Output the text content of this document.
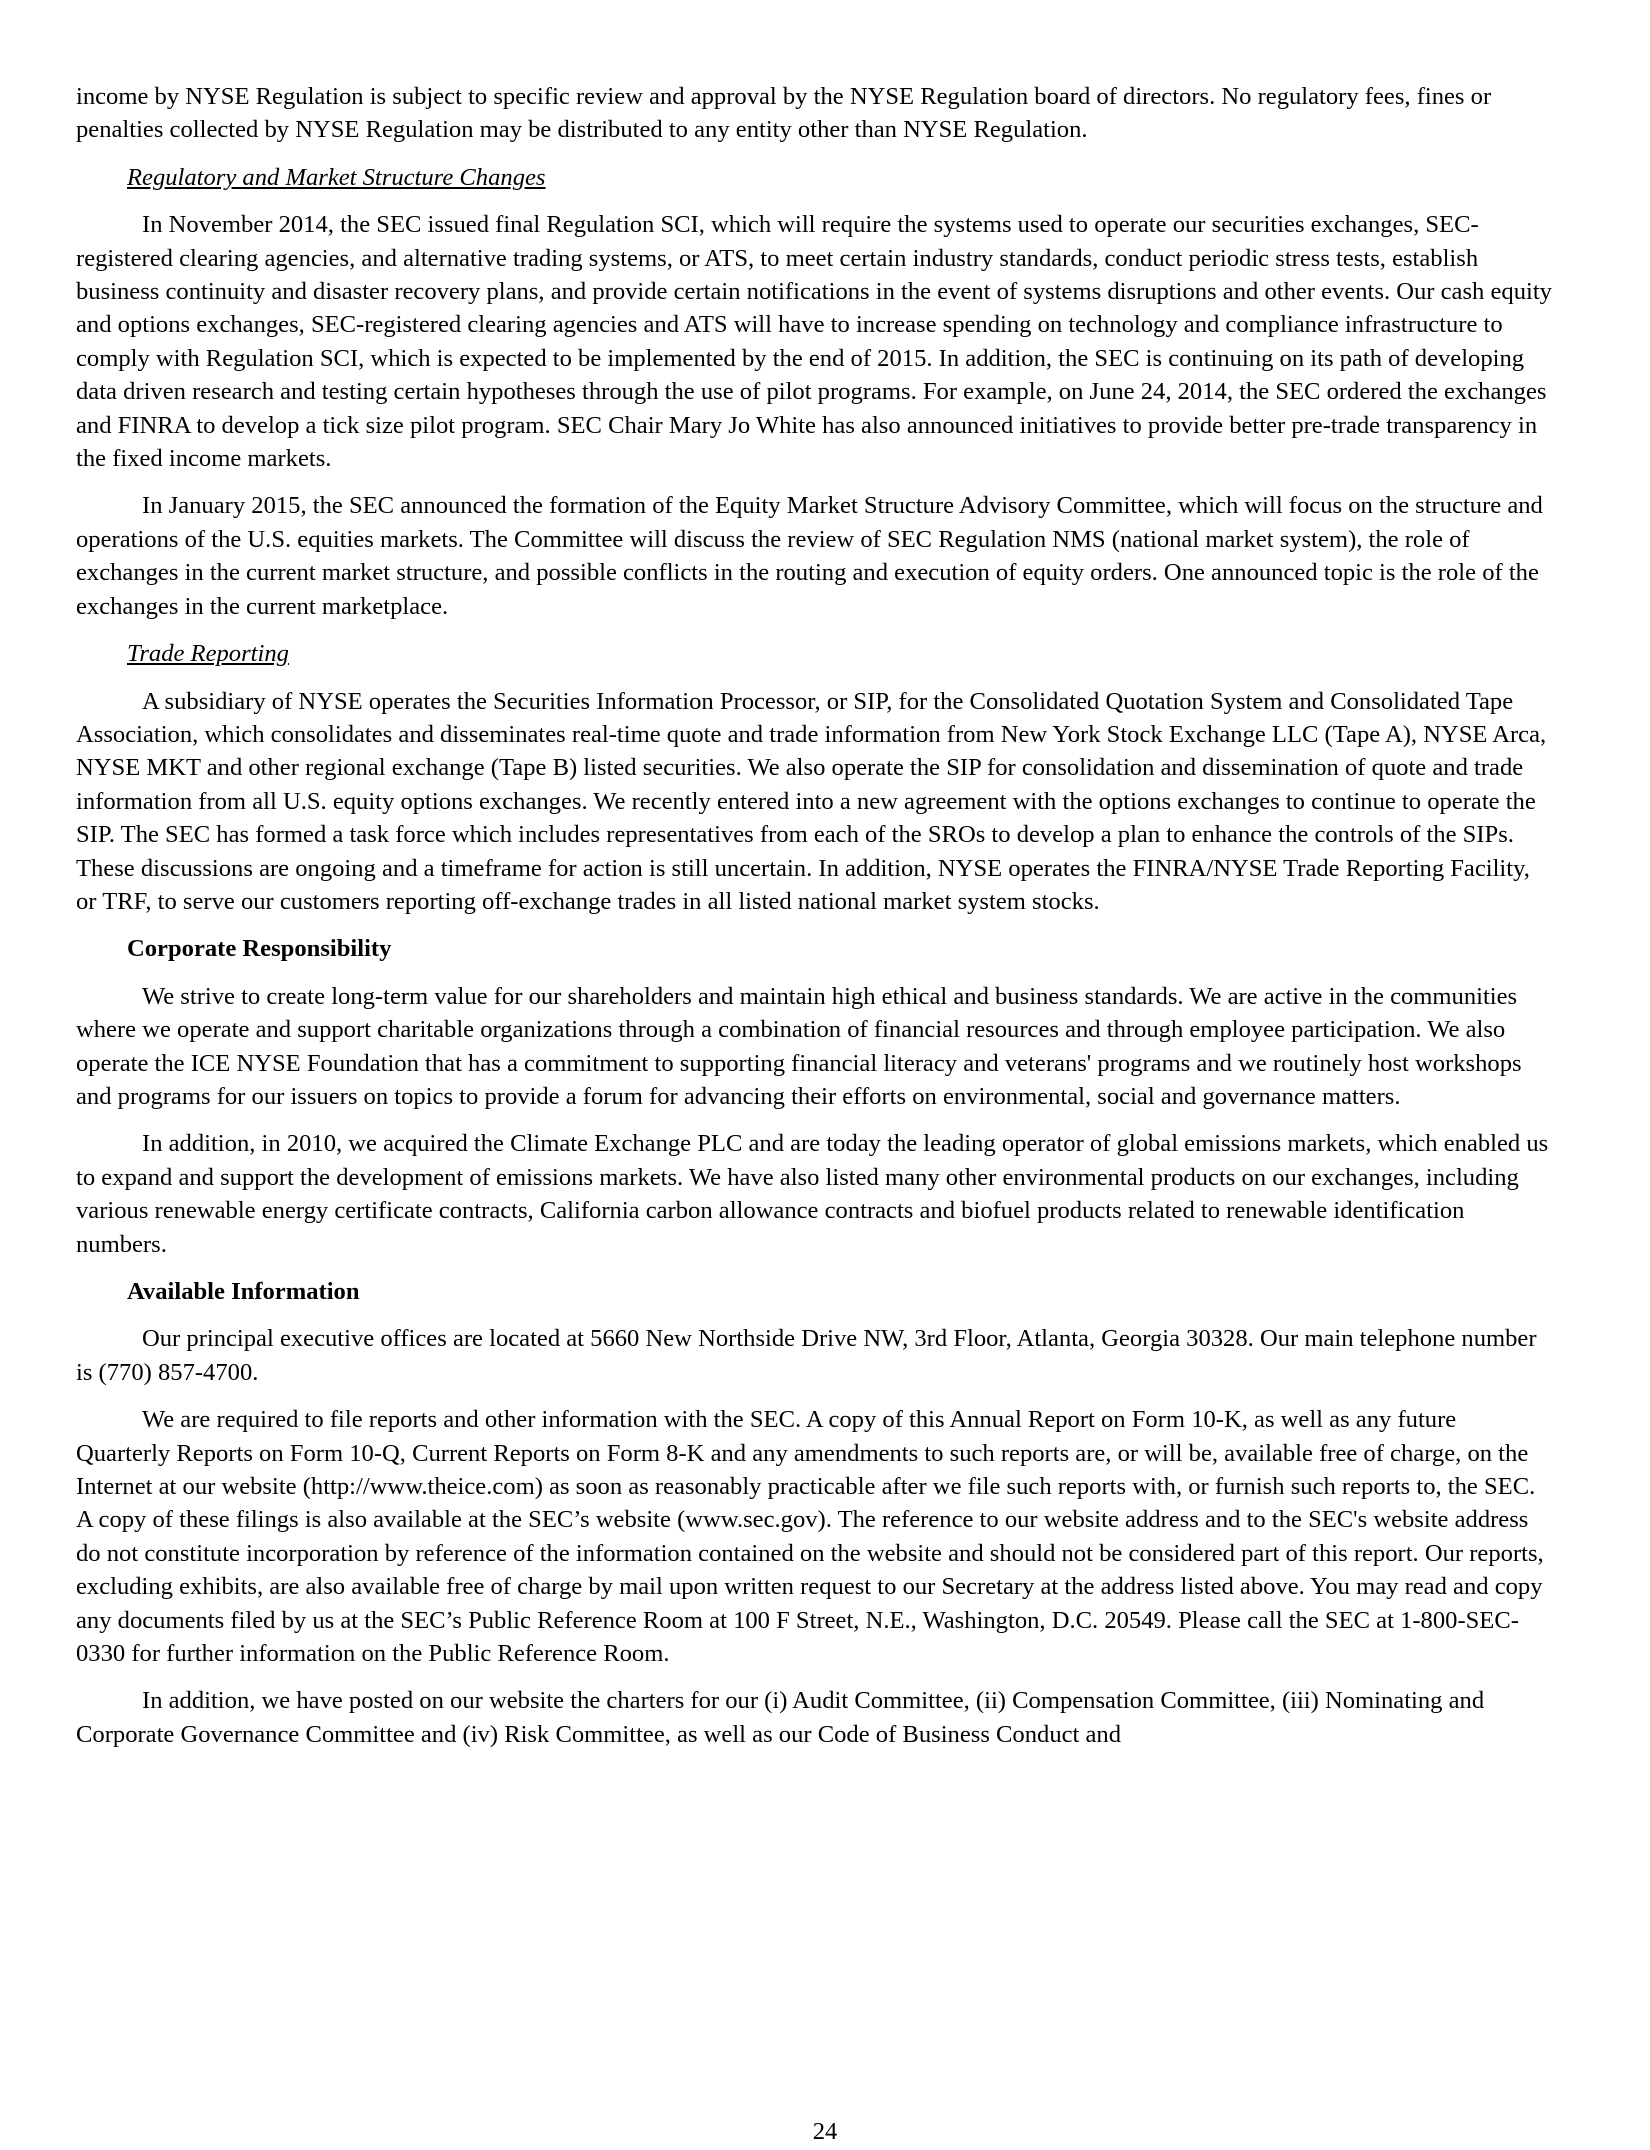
income by NYSE Regulation is subject to specific review and approval by the NYSE Regulation board of directors. No regulatory fees, fines or penalties collected by NYSE Regulation may be distributed to any entity other than NYSE Regulation.

Regulatory and Market Structure Changes

In November 2014, the SEC issued final Regulation SCI, which will require the systems used to operate our securities exchanges, SEC-registered clearing agencies, and alternative trading systems, or ATS, to meet certain industry standards, conduct periodic stress tests, establish business continuity and disaster recovery plans, and provide certain notifications in the event of systems disruptions and other events. Our cash equity and options exchanges, SEC-registered clearing agencies and ATS will have to increase spending on technology and compliance infrastructure to comply with Regulation SCI, which is expected to be implemented by the end of 2015. In addition, the SEC is continuing on its path of developing data driven research and testing certain hypotheses through the use of pilot programs. For example, on June 24, 2014, the SEC ordered the exchanges and FINRA to develop a tick size pilot program. SEC Chair Mary Jo White has also announced initiatives to provide better pre-trade transparency in the fixed income markets.

In January 2015, the SEC announced the formation of the Equity Market Structure Advisory Committee, which will focus on the structure and operations of the U.S. equities markets. The Committee will discuss the review of SEC Regulation NMS (national market system), the role of exchanges in the current market structure, and possible conflicts in the routing and execution of equity orders. One announced topic is the role of the exchanges in the current marketplace.

Trade Reporting

A subsidiary of NYSE operates the Securities Information Processor, or SIP, for the Consolidated Quotation System and Consolidated Tape Association, which consolidates and disseminates real-time quote and trade information from New York Stock Exchange LLC (Tape A), NYSE Arca, NYSE MKT and other regional exchange (Tape B) listed securities. We also operate the SIP for consolidation and dissemination of quote and trade information from all U.S. equity options exchanges. We recently entered into a new agreement with the options exchanges to continue to operate the SIP. The SEC has formed a task force which includes representatives from each of the SROs to develop a plan to enhance the controls of the SIPs. These discussions are ongoing and a timeframe for action is still uncertain. In addition, NYSE operates the FINRA/NYSE Trade Reporting Facility, or TRF, to serve our customers reporting off-exchange trades in all listed national market system stocks.

Corporate Responsibility

We strive to create long-term value for our shareholders and maintain high ethical and business standards. We are active in the communities where we operate and support charitable organizations through a combination of financial resources and through employee participation. We also operate the ICE NYSE Foundation that has a commitment to supporting financial literacy and veterans' programs and we routinely host workshops and programs for our issuers on topics to provide a forum for advancing their efforts on environmental, social and governance matters.

In addition, in 2010, we acquired the Climate Exchange PLC and are today the leading operator of global emissions markets, which enabled us to expand and support the development of emissions markets. We have also listed many other environmental products on our exchanges, including various renewable energy certificate contracts, California carbon allowance contracts and biofuel products related to renewable identification numbers.

Available Information

Our principal executive offices are located at 5660 New Northside Drive NW, 3rd Floor, Atlanta, Georgia 30328. Our main telephone number is (770) 857-4700.

We are required to file reports and other information with the SEC. A copy of this Annual Report on Form 10-K, as well as any future Quarterly Reports on Form 10-Q, Current Reports on Form 8-K and any amendments to such reports are, or will be, available free of charge, on the Internet at our website (http://www.theice.com) as soon as reasonably practicable after we file such reports with, or furnish such reports to, the SEC. A copy of these filings is also available at the SEC’s website (www.sec.gov). The reference to our website address and to the SEC's website address do not constitute incorporation by reference of the information contained on the website and should not be considered part of this report. Our reports, excluding exhibits, are also available free of charge by mail upon written request to our Secretary at the address listed above. You may read and copy any documents filed by us at the SEC’s Public Reference Room at 100 F Street, N.E., Washington, D.C. 20549. Please call the SEC at 1-800-SEC-0330 for further information on the Public Reference Room.

In addition, we have posted on our website the charters for our (i) Audit Committee, (ii) Compensation Committee, (iii) Nominating and Corporate Governance Committee and (iv) Risk Committee, as well as our Code of Business Conduct and

24
